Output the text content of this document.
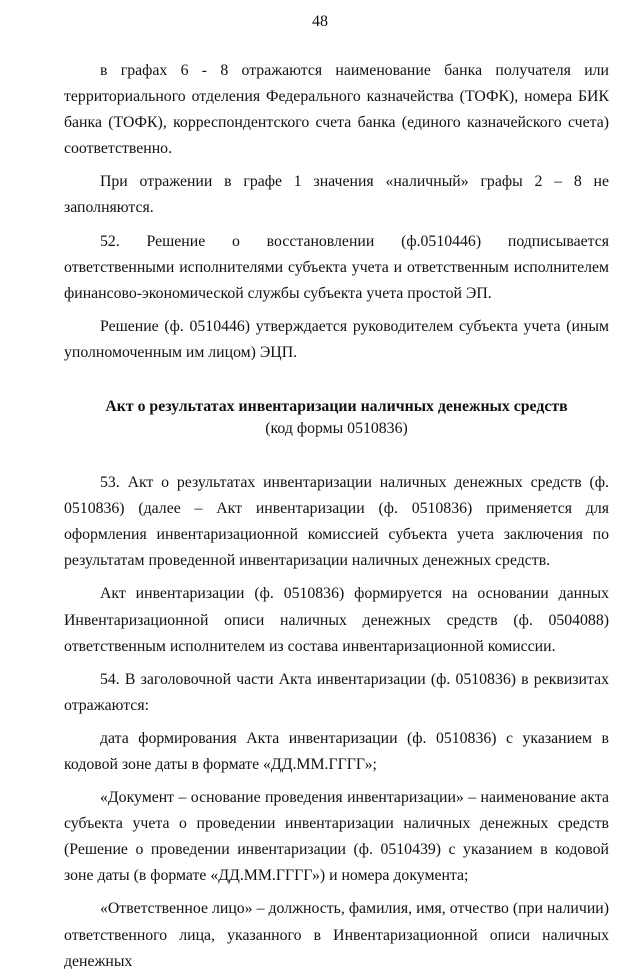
48

в графах 6 - 8 отражаются наименование банка получателя или территориального отделения Федерального казначейства (ТОФК), номера БИК банка (ТОФК), корреспондентского счета банка (единого казначейского счета) соответственно.

При отражении в графе 1 значения «наличный» графы 2 – 8 не заполняются.

52. Решение о восстановлении (ф.0510446) подписывается ответственными исполнителями субъекта учета и ответственным исполнителем финансово-экономической службы субъекта учета простой ЭП.

Решение (ф. 0510446) утверждается руководителем субъекта учета (иным уполномоченным им лицом) ЭЦП.

Акт о результатах инвентаризации наличных денежных средств
(код формы 0510836)

53. Акт о результатах инвентаризации наличных денежных средств (ф. 0510836) (далее – Акт инвентаризации (ф. 0510836) применяется для оформления инвентаризационной комиссией субъекта учета заключения по результатам проведенной инвентаризации наличных денежных средств.

Акт инвентаризации (ф. 0510836) формируется на основании данных Инвентаризационной описи наличных денежных средств (ф. 0504088) ответственным исполнителем из состава инвентаризационной комиссии.

54. В заголовочной части Акта инвентаризации (ф. 0510836) в реквизитах отражаются:

дата формирования Акта инвентаризации (ф. 0510836) с указанием в кодовой зоне даты в формате «ДД.ММ.ГГГГ»;

«Документ – основание проведения инвентаризации» – наименование акта субъекта учета о проведении инвентаризации наличных денежных средств (Решение о проведении инвентаризации (ф. 0510439) с указанием в кодовой зоне даты (в формате «ДД.ММ.ГГГГ») и номера документа;

«Ответственное лицо» – должность, фамилия, имя, отчество (при наличии) ответственного лица, указанного в Инвентаризационной описи наличных денежных
